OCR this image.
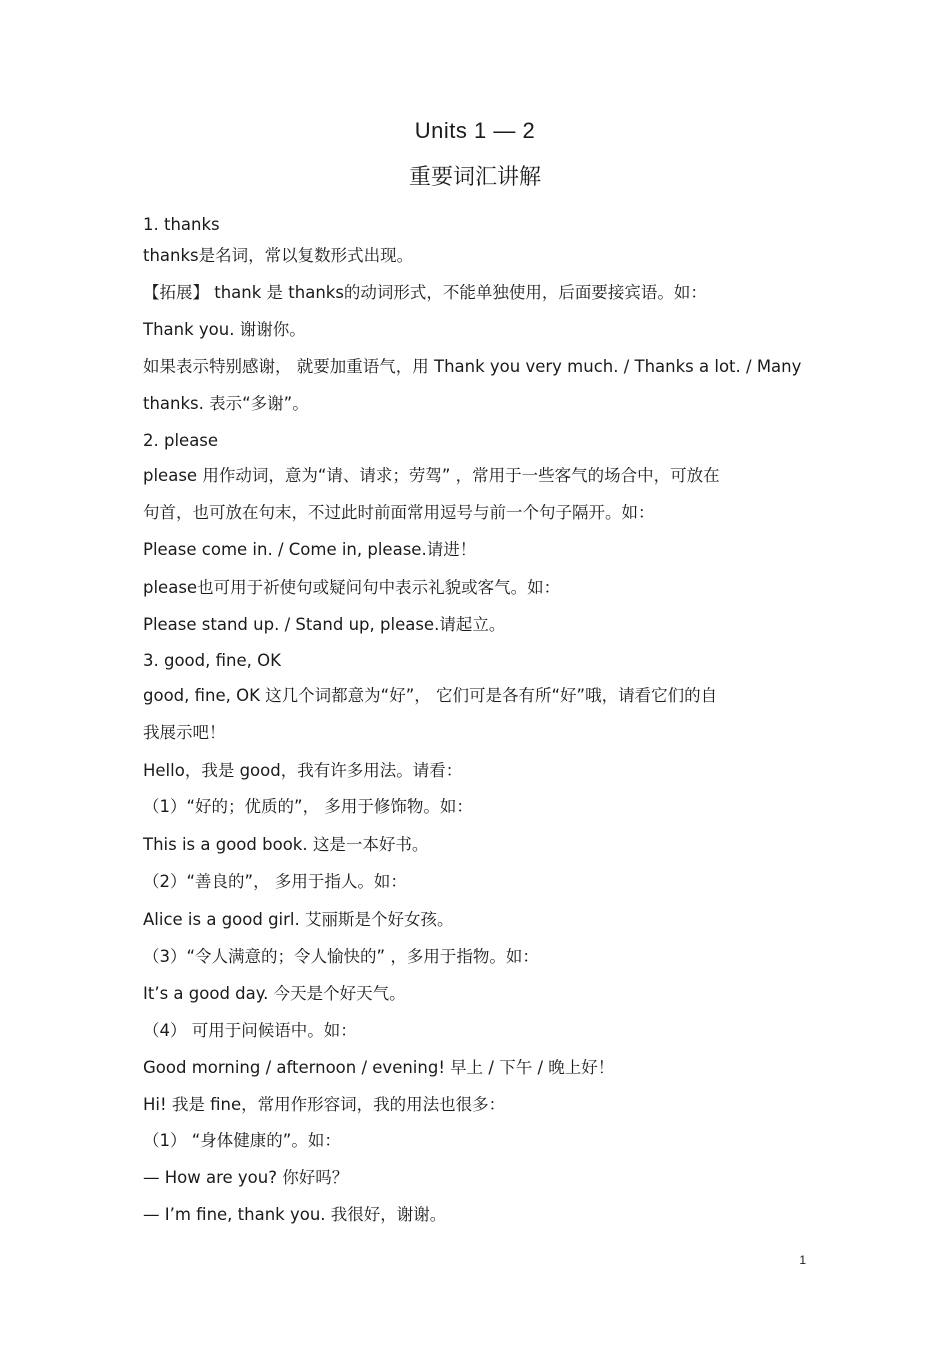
Units 1 — 2
重要词汇讲解

1. thanks

thanks是名词，常以复数形式出现。

【拓展】 thank 是 thanks的动词形式，不能单独使用，后面要接宾语。如：

Thank you. 谢谢你。

如果表示特别感谢， 就要加重语气，用 Thank you very much. / Thanks a lot. / Many

thanks. 表示“多谢”。

2. please

please 用作动词，意为“请、请求；劳驾” ，常用于一些客气的场合中，可放在

句首，也可放在句末，不过此时前面常用逗号与前一个句子隔开。如：

Please come in. / Come in, please.请进！

please也可用于祈使句或疑问句中表示礼貌或客气。如：

Please stand up. / Stand up, please.请起立。

3. good, fine, OK

good, fine, OK 这几个词都意为“好”， 它们可是各有所“好”哦，请看它们的自

我展示吧！

Hello，我是 good，我有许多用法。请看：

（1）“好的；优质的”， 多用于修饰物。如：

This is a good book. 这是一本好书。

（2）“善良的”， 多用于指人。如：

Alice is a good girl. 艾丽斯是个好女孩。

（3）“令人满意的；令人愉快的” ，多用于指物。如：

It’s a good day. 今天是个好天气。

（4） 可用于问候语中。如：

Good morning / afternoon / evening! 早上 / 下午 / 晚上好！

Hi! 我是 fine，常用作形容词，我的用法也很多：

（1） “身体健康的”。如：

— How are you? 你好吗？

— I’m fine, thank you. 我很好，谢谢。

1
